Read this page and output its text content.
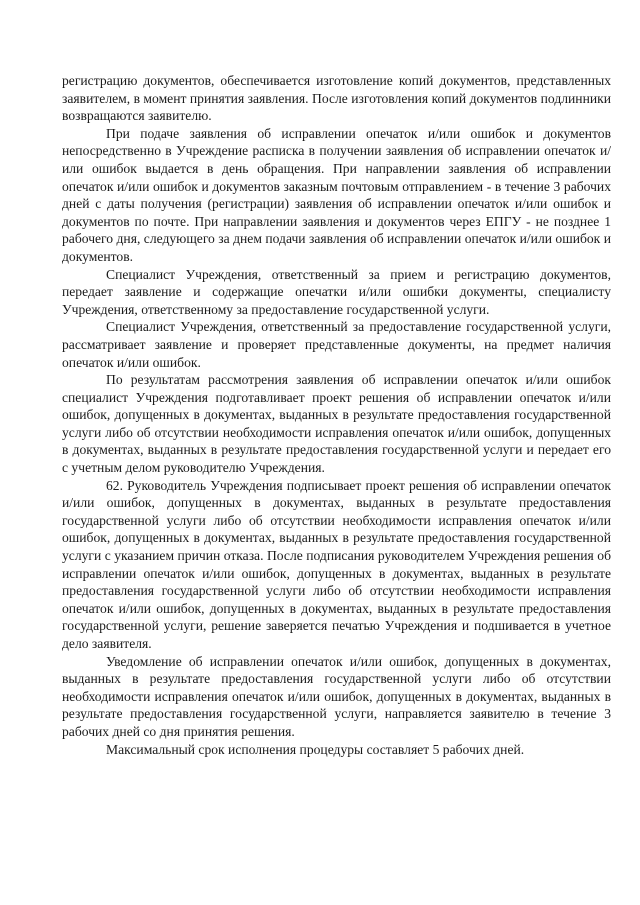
регистрацию документов, обеспечивается изготовление копий документов, представленных заявителем, в момент принятия заявления. После изготовления копий документов подлинники возвращаются заявителю.

При подаче заявления об исправлении опечаток и/или ошибок и документов непосредственно в Учреждение расписка в получении заявления об исправлении опечаток и/или ошибок выдается в день обращения. При направлении заявления об исправлении опечаток и/или ошибок и документов заказным почтовым отправлением - в течение 3 рабочих дней с даты получения (регистрации) заявления об исправлении опечаток и/или ошибок и документов по почте. При направлении заявления и документов через ЕПГУ - не позднее 1 рабочего дня, следующего за днем подачи заявления об исправлении опечаток и/или ошибок и документов.

Специалист Учреждения, ответственный за прием и регистрацию документов, передает заявление и содержащие опечатки и/или ошибки документы, специалисту Учреждения, ответственному за предоставление государственной услуги.

Специалист Учреждения, ответственный за предоставление государственной услуги, рассматривает заявление и проверяет представленные документы, на предмет наличия опечаток и/или ошибок.

По результатам рассмотрения заявления об исправлении опечаток и/или ошибок специалист Учреждения подготавливает проект решения об исправлении опечаток и/или ошибок, допущенных в документах, выданных в результате предоставления государственной услуги либо об отсутствии необходимости исправления опечаток и/или ошибок, допущенных в документах, выданных в результате предоставления государственной услуги и передает его с учетным делом руководителю Учреждения.

62. Руководитель Учреждения подписывает проект решения об исправлении опечаток и/или ошибок, допущенных в документах, выданных в результате предоставления государственной услуги либо об отсутствии необходимости исправления опечаток и/или ошибок, допущенных в документах, выданных в результате предоставления государственной услуги с указанием причин отказа. После подписания руководителем Учреждения решения об исправлении опечаток и/или ошибок, допущенных в документах, выданных в результате предоставления государственной услуги либо об отсутствии необходимости исправления опечаток и/или ошибок, допущенных в документах, выданных в результате предоставления государственной услуги, решение заверяется печатью Учреждения и подшивается в учетное дело заявителя.

Уведомление об исправлении опечаток и/или ошибок, допущенных в документах, выданных в результате предоставления государственной услуги либо об отсутствии необходимости исправления опечаток и/или ошибок, допущенных в документах, выданных в результате предоставления государственной услуги, направляется заявителю в течение 3 рабочих дней со дня принятия решения.

Максимальный срок исполнения процедуры составляет 5 рабочих дней.
